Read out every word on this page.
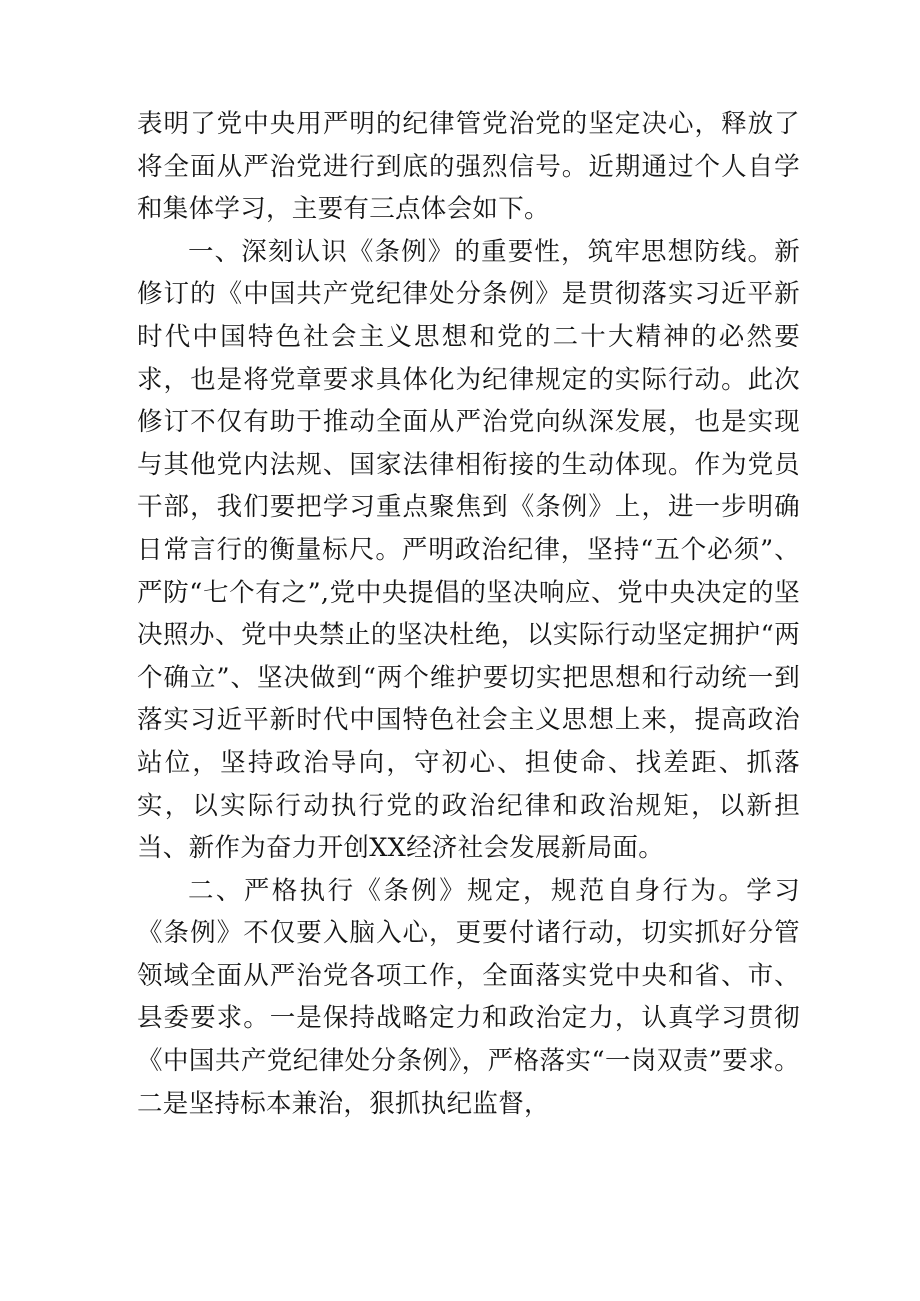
表明了党中央用严明的纪律管党治党的坚定决心，释放了将全面从严治党进行到底的强烈信号。近期通过个人自学和集体学习，主要有三点体会如下。

一、深刻认识《条例》的重要性，筑牢思想防线。新修订的《中国共产党纪律处分条例》是贯彻落实习近平新时代中国特色社会主义思想和党的二十大精神的必然要求，也是将党章要求具体化为纪律规定的实际行动。此次修订不仅有助于推动全面从严治党向纵深发展，也是实现与其他党内法规、国家法律相衔接的生动体现。作为党员干部，我们要把学习重点聚焦到《条例》上，进一步明确日常言行的衡量标尺。严明政治纪律，坚持“五个必须”、严防“七个有之”,党中央提倡的坚决响应、党中央决定的坚决照办、党中央禁止的坚决杜绝，以实际行动坚定拥护“两个确立”、坚决做到“两个维护要切实把思想和行动统一到落实习近平新时代中国特色社会主义思想上来，提高政治站位，坚持政治导向，守初心、担使命、找差距、抓落实，以实际行动执行党的政治纪律和政治规矩，以新担当、新作为奋力开创XX经济社会发展新局面。

二、严格执行《条例》规定，规范自身行为。学习《条例》不仅要入脑入心，更要付诸行动，切实抓好分管领域全面从严治党各项工作，全面落实党中央和省、市、县委要求。一是保持战略定力和政治定力，认真学习贯彻《中国共产党纪律处分条例》，严格落实“一岗双责”要求。二是坚持标本兼治，狠抓执纪监督，
